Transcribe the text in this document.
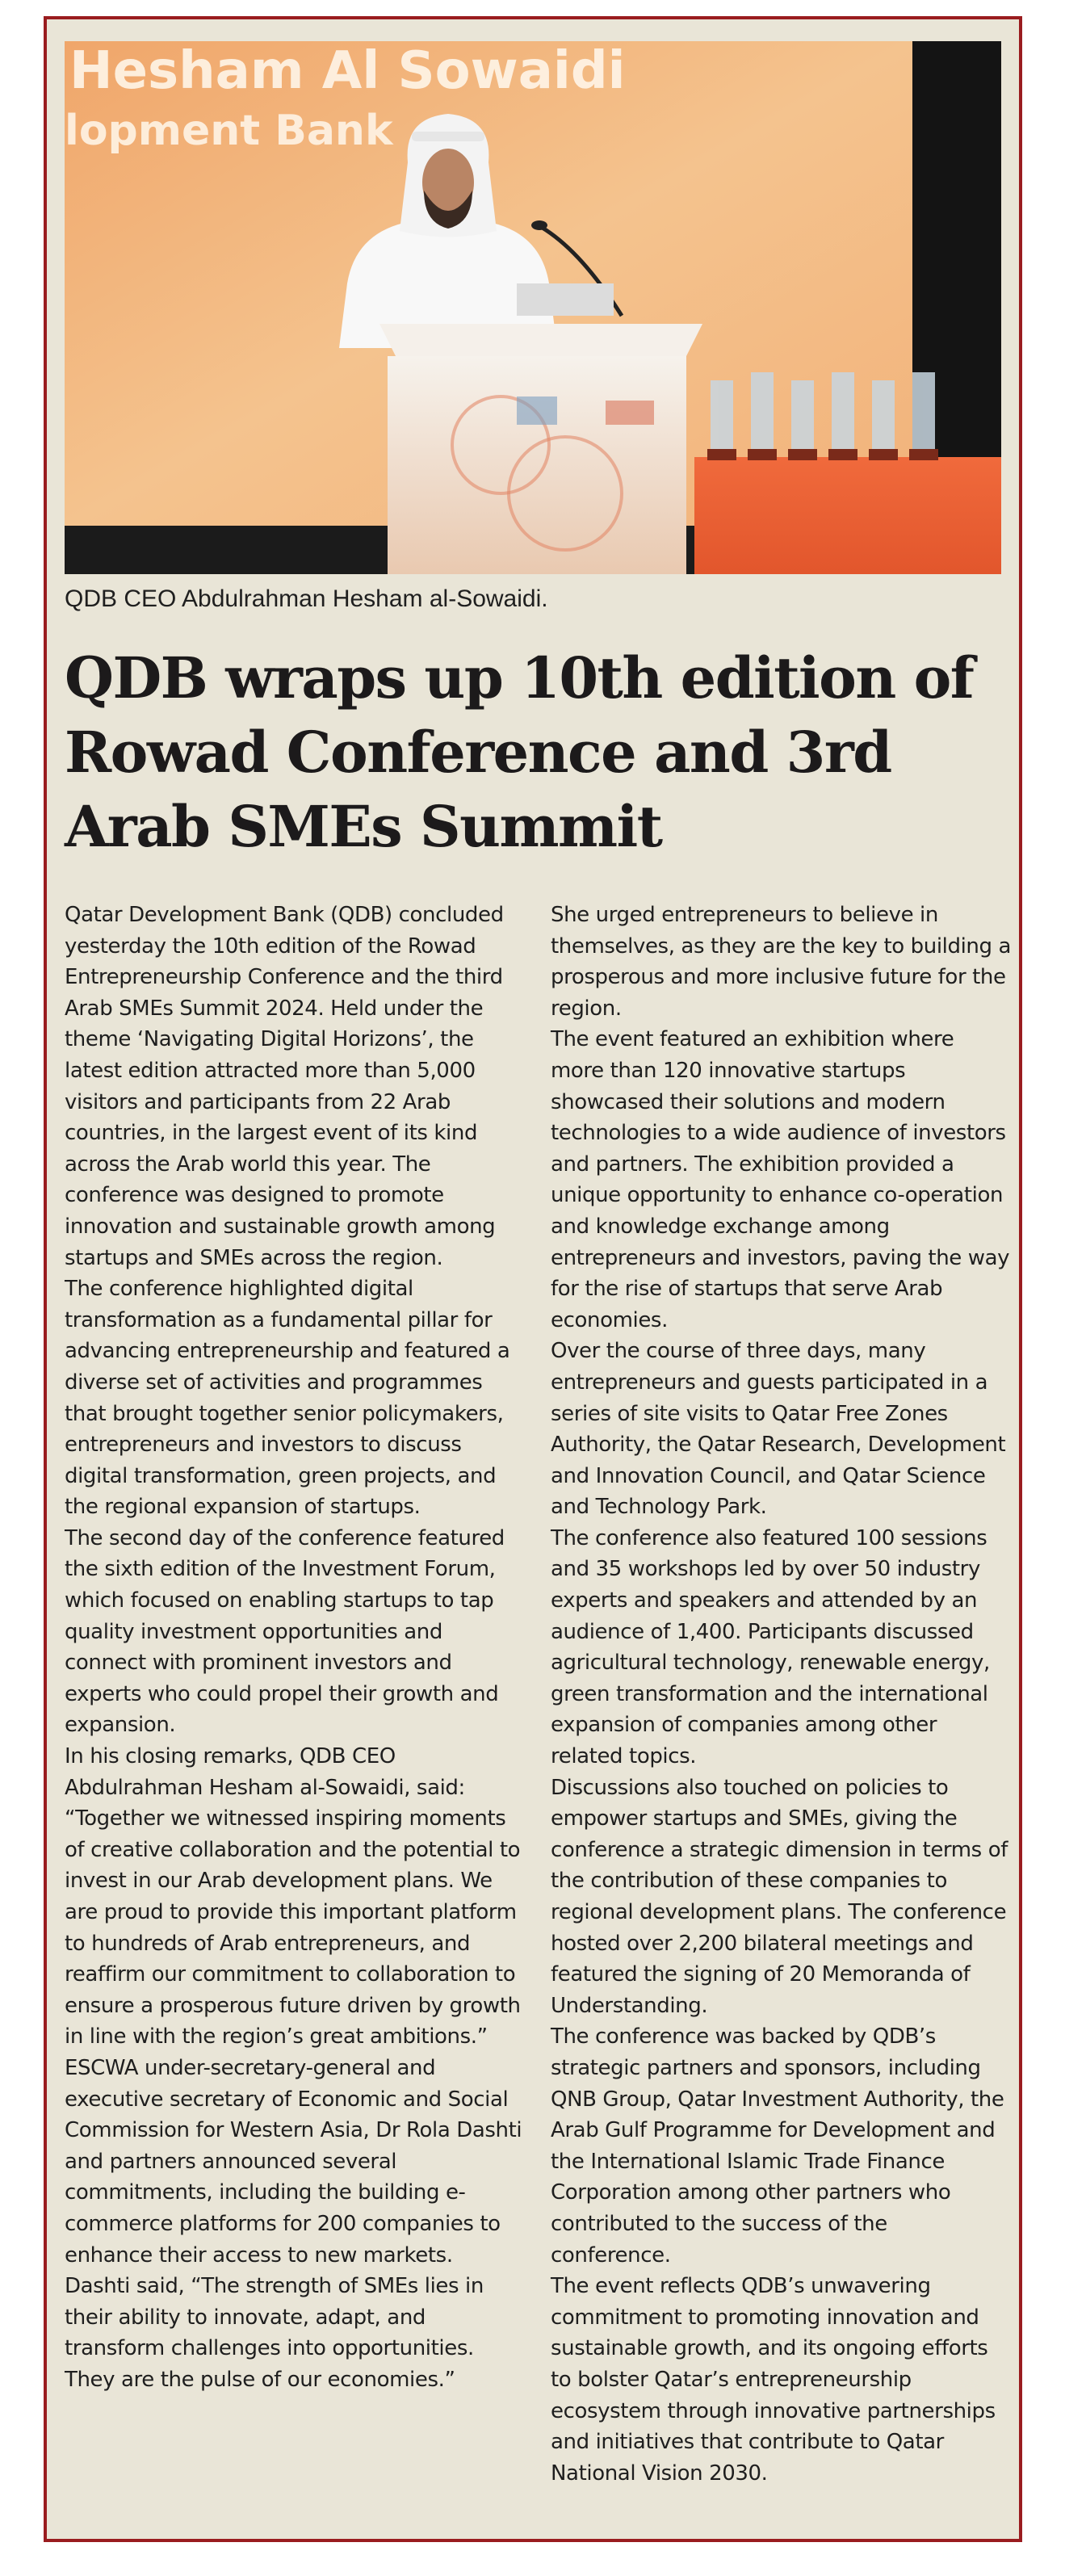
Hesham Al Sowaidi
lopment Bank
QDB CEO Abdulrahman Hesham al-Sowaidi.
QDB wraps up 10th edition of Rowad Conference and 3rd Arab SMEs Summit

Qatar Development Bank (QDB) concluded yesterday the 10th edition of the Rowad Entrepreneurship Conference and the third Arab SMEs Summit 2024. Held under the theme ‘Navigating Digital Horizons’, the latest edition attracted more than 5,000 visitors and participants from 22 Arab countries, in the largest event of its kind across the Arab world this year. The conference was designed to promote innovation and sustainable growth among startups and SMEs across the region.

The conference highlighted digital transformation as a fundamental pillar for advancing entrepreneurship and featured a diverse set of activities and programmes that brought together senior policymakers, entrepreneurs and investors to discuss digital transformation, green projects, and the regional expansion of startups.

The second day of the conference featured the sixth edition of the Investment Forum, which focused on enabling startups to tap quality investment opportunities and connect with prominent investors and experts who could propel their growth and expansion.

In his closing remarks, QDB CEO Abdulrahman Hesham al-Sowaidi, said: “Together we witnessed inspiring moments of creative collaboration and the potential to invest in our Arab development plans. We are proud to provide this important platform to hundreds of Arab entrepreneurs, and reaffirm our commitment to collaboration to ensure a prosperous future driven by growth in line with the region’s great ambitions.”

ESCWA under-secretary-general and executive secretary of Economic and Social Commission for Western Asia, Dr Rola Dashti and partners announced several commitments, including the building e-commerce platforms for 200 companies to enhance their access to new markets.

Dashti said, “The strength of SMEs lies in their ability to innovate, adapt, and transform challenges into opportunities. They are the pulse of our economies.”

She urged entrepreneurs to believe in themselves, as they are the key to building a prosperous and more inclusive future for the region.

The event featured an exhibition where more than 120 innovative startups showcased their solutions and modern technologies to a wide audience of investors and partners. The exhibition provided a unique opportunity to enhance co-operation and knowledge exchange among entrepreneurs and investors, paving the way for the rise of startups that serve Arab economies.

Over the course of three days, many entrepreneurs and guests participated in a series of site visits to Qatar Free Zones Authority, the Qatar Research, Development and Innovation Council, and Qatar Science and Technology Park.

The conference also featured 100 sessions and 35 workshops led by over 50 industry experts and speakers and attended by an audience of 1,400. Participants discussed agricultural technology, renewable energy, green transformation and the international expansion of companies among other related topics.

Discussions also touched on policies to empower startups and SMEs, giving the conference a strategic dimension in terms of the contribution of these companies to regional development plans. The conference hosted over 2,200 bilateral meetings and featured the signing of 20 Memoranda of Understanding.

The conference was backed by QDB’s strategic partners and sponsors, including QNB Group, Qatar Investment Authority, the Arab Gulf Programme for Development and the International Islamic Trade Finance Corporation among other partners who contributed to the success of the conference.

The event reflects QDB’s unwavering commitment to promoting innovation and sustainable growth, and its ongoing efforts to bolster Qatar’s entrepreneurship ecosystem through innovative partnerships and initiatives that contribute to Qatar National Vision 2030.
